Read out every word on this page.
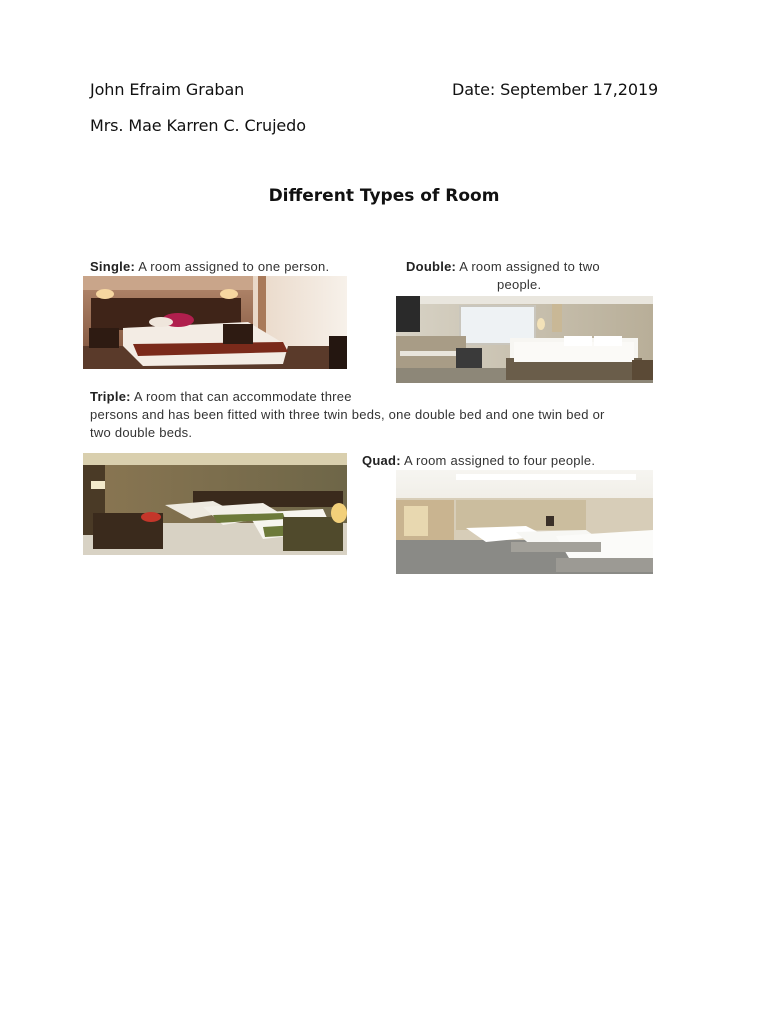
John Efraim Graban	Date: September 17,2019
Mrs. Mae Karren C. Crujedo
Different Types of Room
Single: A room assigned to one person.	Double: A room assigned to two
people.
Triple: A room that can accommodate three
persons and has been fitted with three twin beds, one double bed and one twin bed or
two double beds.
Quad: A room assigned to four people.
